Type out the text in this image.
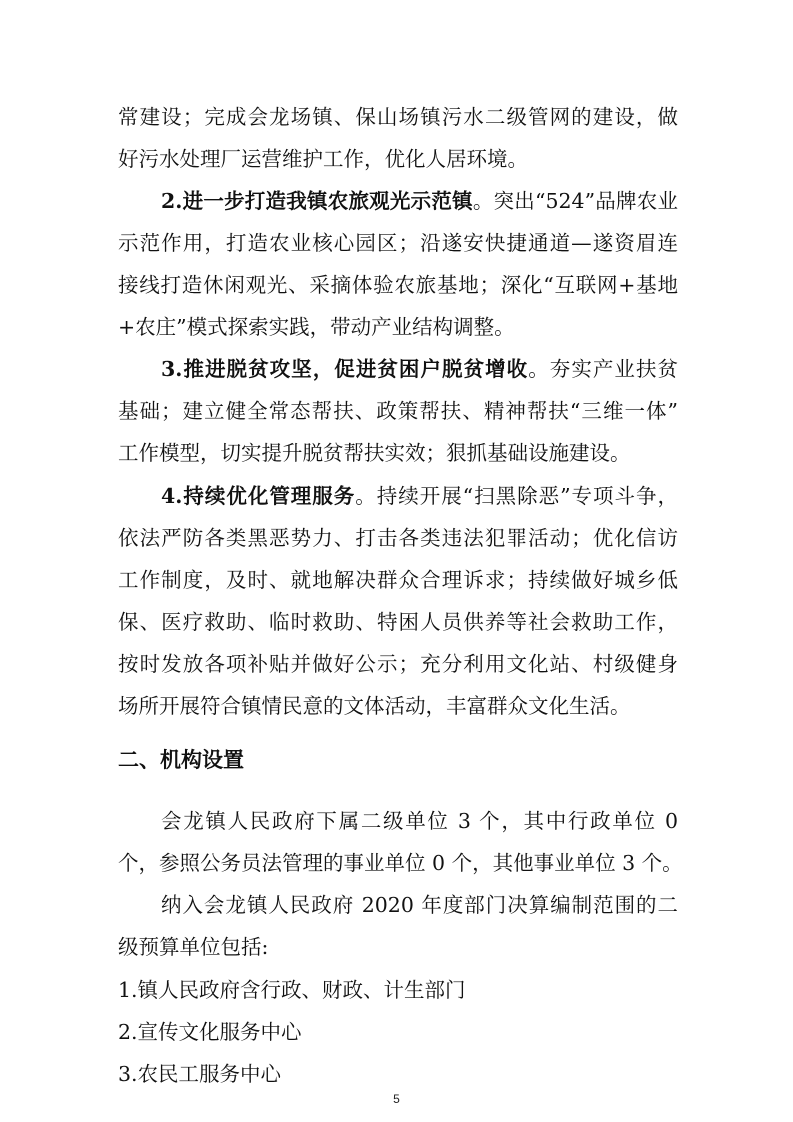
常建设；完成会龙场镇、保山场镇污水二级管网的建设，做
好污水处理厂运营维护工作，优化人居环境。
2.进一步打造我镇农旅观光示范镇。突出“524”品牌农业
示范作用，打造农业核心园区；沿遂安快捷通道—遂资眉连
接线打造休闲观光、采摘体验农旅基地；深化“互联网+基地
+农庄”模式探索实践，带动产业结构调整。
3.推进脱贫攻坚，促进贫困户脱贫增收。夯实产业扶贫
基础；建立健全常态帮扶、政策帮扶、精神帮扶“三维一体”
工作模型，切实提升脱贫帮扶实效；狠抓基础设施建设。
4.持续优化管理服务。持续开展“扫黑除恶”专项斗争，
依法严防各类黑恶势力、打击各类违法犯罪活动；优化信访
工作制度，及时、就地解决群众合理诉求；持续做好城乡低
保、医疗救助、临时救助、特困人员供养等社会救助工作，
按时发放各项补贴并做好公示；充分利用文化站、村级健身
场所开展符合镇情民意的文体活动，丰富群众文化生活。
二、机构设置
会龙镇人民政府下属二级单位 3 个，其中行政单位 0
个，参照公务员法管理的事业单位 0 个，其他事业单位 3 个。
纳入会龙镇人民政府 2020 年度部门决算编制范围的二
级预算单位包括:
1.镇人民政府含行政、财政、计生部门
2.宣传文化服务中心
3.农民工服务中心
5
